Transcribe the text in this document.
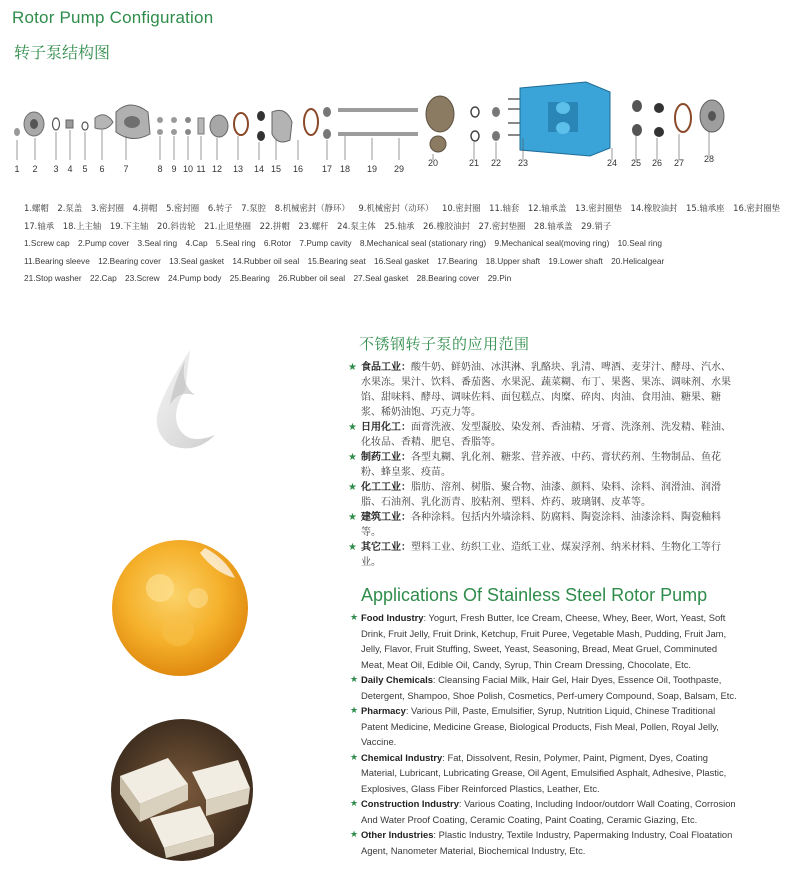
Rotor Pump Configuration
转子泵结构图
1 2 3 4 5 6 7	8 9 10 11 12 13 14 15 16 17 18 19
20	21 22 23	24 25 26 27 28
29
1.螺帽 2.泵盖 3.密封圈 4.拼帽 5.密封圈 6.转子 7.泵腔 8.机械密封（静环） 9.机械密封（动环） 10.密封圈 11.轴套 12.轴承盖 13.密封圈垫 14.橡胶油封 15.轴承座 16.密封圈垫
17.轴承 18.上主轴 19.下主轴 20.斜齿轮 21.止退垫圈 22.拼帽 23.螺杆 24.泵主体 25.轴承 26.橡胶油封 27.密封垫圈 28.轴承盖 29.销子
1.Screw cap 2.Pump cover 3.Seal ring 4.Cap 5.Seal ring 6.Rotor 7.Pump cavity 8.Mechanical seal (stationary ring) 9.Mechanical seal(moving ring) 10.Seal ring
11.Bearing sleeve 12.Bearing cover 13.Seal gasket 14.Rubber oil seal 15.Bearing seat 16.Seal gasket 17.Bearing 18.Upper shaft 19.Lower shaft 20.Helicalgear
21.Stop washer 22.Cap 23.Screw 24.Pump body 25.Bearing 26.Rubber oil seal 27.Seal gasket 28.Bearing cover 29.Pin
不锈钢转子泵的应用范围
★ 食品工业：酸牛奶、鲜奶油、冰淇淋、乳酪块、乳清、啤酒、麦芽汁、酵母、汽水、水果冻。果汁、饮料、番茄酱、水果泥、蔬菜糊、布丁、果酱、果冻、调味剂、水果馅、甜味料、酵母、调味佐料、面包糕点、肉糜、碎肉、肉油、食用油、糖果、糖浆、稀奶油饱、巧克力等。
★ 日用化工：面膏洗液、发型凝胶、染发剂、香油精、牙膏、洗涤剂、洗发精、鞋油、化妆品、香精、肥皂、香脂等。
★ 制药工业：各型丸糊、乳化剂、糖浆、营养液、中药、膏状药剂、生物制品、鱼花粉、蜂皇浆、疫苗。
★ 化工工业：脂肪、溶剂、树脂、聚合物、油漆、颜料、染料、涂料、润滑油、润滑脂、石油剂、乳化沥青、胶粘剂、塑料、炸药、玻璃钢、皮革等。
★ 建筑工业：各种涂料。包括内外墙涂料、防腐料、陶瓷涂料、油漆涂料、陶瓷釉料等。
★ 其它工业：塑料工业、纺织工业、造纸工业、煤炭浮剂、纳米材料、生物化工等行业。
Applications Of Stainless Steel Rotor Pump
★ Food Industry: Yogurt, Fresh Butter, Ice Cream, Cheese, Whey, Beer, Wort, Yeast, Soft Drink, Fruit Jelly, Fruit Drink, Ketchup, Fruit Puree, Vegetable Mash, Pudding, Fruit Jam, Jelly, Flavor, Fruit Stuffing, Sweet, Yeast, Seasoning, Bread, Meat Gruel, Comminuted Meat, Meat Oil, Edible Oil, Candy, Syrup, Thin Cream Dressing, Chocolate, Etc.
★ Daily Chemicals: Cleansing Facial Milk, Hair Gel, Hair Dyes, Essence Oil, Toothpaste, Detergent, Shampoo, Shoe Polish, Cosmetics, Perf-umery Compound, Soap, Balsam, Etc.
★ Pharmacy: Various Pill, Paste, Emulsifier, Syrup, Nutrition Liquid, Chinese Traditional Patent Medicine, Medicine Grease, Biological Products, Fish Meal, Pollen, Royal Jelly, Vaccine.
★ Chemical Industry: Fat, Dissolvent, Resin, Polymer, Paint, Pigment, Dyes, Coating Material, Lubricant, Lubricating Grease, Oil Agent, Emulsified Asphalt, Adhesive, Plastic, Explosives, Glass Fiber Reinforced Plastics, Leather, Etc.
★ Construction Industry: Various Coating, Including Indoor/outdorr Wall Coating, Corrosion And Water Proof Coating, Ceramic Coating, Paint Coating, Ceramic Giazing, Etc.
★ Other Industries: Plastic Industry, Textile Industry, Papermaking Industry, Coal Floatation Agent, Nanometer Material, Biochemical Industry, Etc.
